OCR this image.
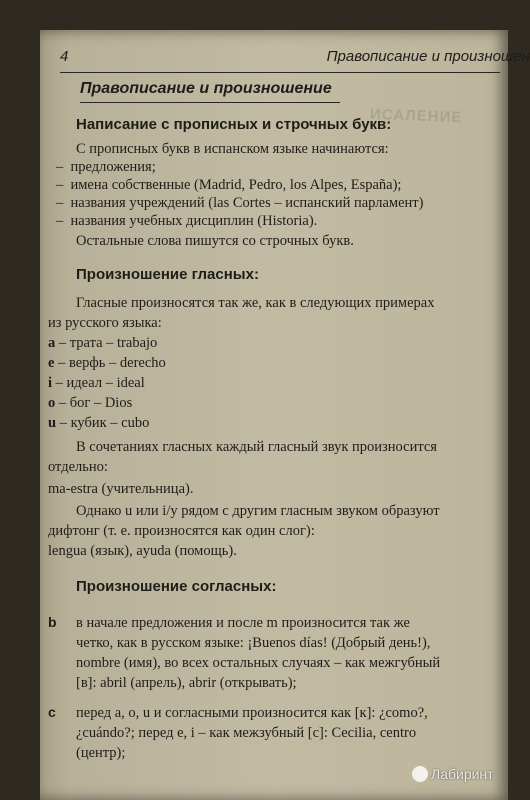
ИСАЛЕНИЕ
4	Правописание и произношен
Правописание и произношение
Написание с прописных и строчных букв:
С прописных букв в испанском языке начинаются:
– предложения;
– имена собственные (Madrid, Pedro, los Alpes, España);
– названия учреждений (las Cortes – испанский парламент)
– названия учебных дисциплин (Historia).
Остальные слова пишутся со строчных букв.
Произношение гласных:
Гласные произносятся так же, как в следующих примерах
из русского языка:
a – трата – trabajo
e – верфь – derecho
i – идеал – ideal
o – бог – Dios
u – кубик – cubo
В сочетаниях гласных каждый гласный звук произносится
отдельно:
ma-estra (учительница).
Однако u или i/y рядом с другим гласным звуком образуют
дифтонг (т. е. произносятся как один слог):
lengua (язык), ayuda (помощь).
Произношение согласных:
b в начале предложения и после m произносится так же
четко, как в русском языке: ¡Buenos días! (Добрый день!),
nombre (имя), во всех остальных случаях – как межгубный
[в]: abril (апрель), abrir (открывать);
c перед a, o, u и согласными произносится как [к]: ¿como?,
¿cuándo?; перед e, i – как межзубный [с]: Cecilia, centro
(центр);
Лабиринт
